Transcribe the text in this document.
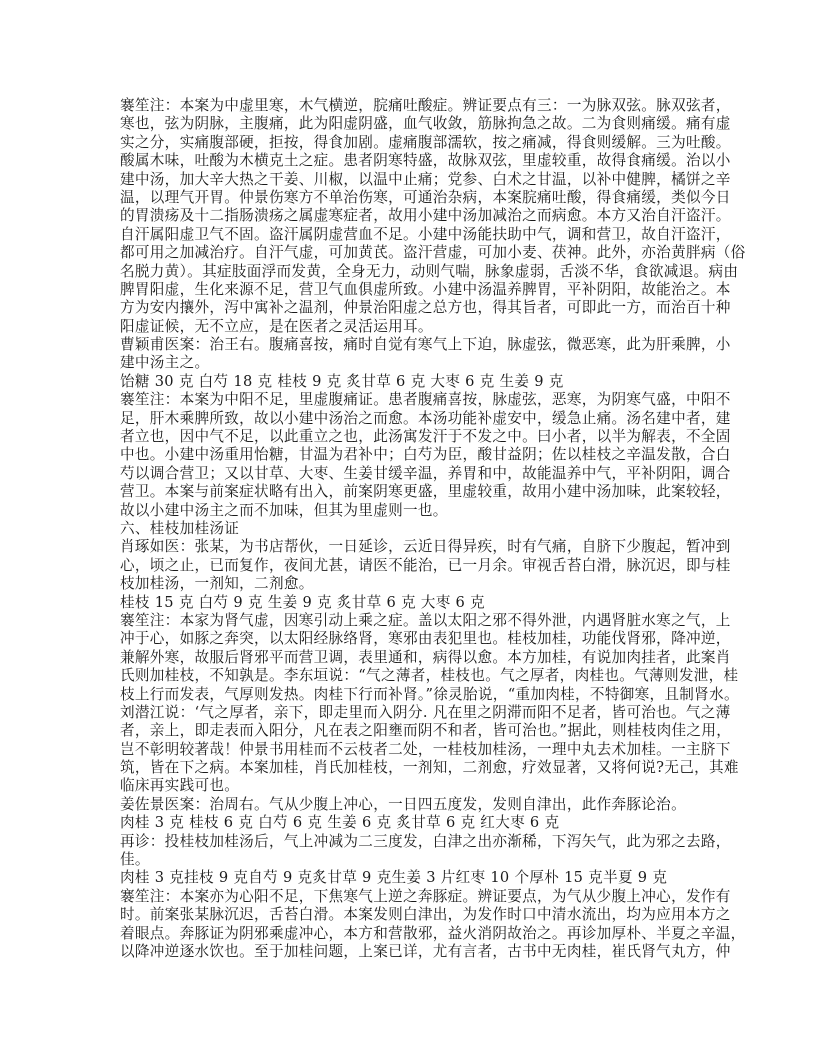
褰笙注：本案为中虚里寒，木气横逆，脘痛吐酸症。辨证要点有三：一为脉双弦。脉双弦者，
寒也，弦为阴脉，主腹痛，此为阳虚阴盛，血气收敛，筋脉拘急之故。二为食则痛缓。痛有虚
实之分，实痛腹部硬，拒按，得食加剧。虚痛腹部濡软，按之痛减，得食则缓解。三为吐酸。
酸属木味，吐酸为木横克土之症。患者阴寒特盛，故脉双弦，里虚较重，故得食痛缓。治以小
建中汤，加大辛大热之干姜、川椒，以温中止痛；党参、白术之甘温，以补中健脾，橘饼之辛
温，以理气开胃。仲景伤寒方不单治伤寒，可通治杂病，本案脘痛吐酸，得食痛缓，类似今日
的胃溃疡及十二指肠溃疡之属虚寒症者，故用小建中汤加减治之而病愈。本方又治自汗盗汗。
自汗属阳虚卫气不固。盗汗属阴虚营血不足。小建中汤能扶助中气，调和营卫，故自汗盗汗，
都可用之加减治疗。自汗气虚，可加黄芪。盗汗营虚，可加小麦、茯神。此外，亦治黄胖病（俗
名脱力黄）。其症肢面浮而发黄，全身无力，动则气喘，脉象虚弱，舌淡不华，食欲减退。病由
脾胃阳虚，生化来源不足，营卫气血俱虚所致。小建中汤温养脾胃，平补阴阳，故能治之。本
方为安内攘外，泻中寓补之温剂，仲景治阳虚之总方也，得其旨者，可即此一方，而治百十种
阳虚证候，无不立应，是在医者之灵活运用耳。
曹颖甫医案：治王右。腹痛喜按，痛时自觉有寒气上下迫，脉虚弦，微恶寒，此为肝乘脾，小
建中汤主之。
饴糖 30 克 白芍 18 克 桂枝 9 克 炙甘草 6 克 大枣 6 克 生姜 9 克
褰笙注：本案为中阳不足，里虚腹痛证。患者腹痛喜按，脉虚弦，恶寒，为阴寒气盛，中阳不
足，肝木乘脾所致，故以小建中汤治之而愈。本汤功能补虚安中，缓急止痛。汤名建中者，建
者立也，因中气不足，以此重立之也，此汤寓发汗于不发之中。曰小者，以半为解表，不全固
中也。小建中汤重用怡糖，甘温为君补中；白芍为臣，酸甘益阴；佐以桂枝之辛温发散，合白
芍以调合营卫；又以甘草、大枣、生姜甘缓辛温，养胃和中，故能温养中气，平补阴阳，调合
营卫。本案与前案症状略有出入，前案阴寒更盛，里虚较重，故用小建中汤加味，此案较轻，
故以小建中汤主之而不加味，但其为里虚则一也。
六、桂枝加桂汤证
肖琢如医：张某，为书店帮伙，一日延诊，云近日得异疾，时有气痛，自脐下少腹起，暂冲到
心，顷之止，已而复作，夜间尤甚，请医不能治，已一月余。审视舌苔白滑，脉沉迟，即与桂
枝加桂汤，一剂知，二剂愈。
桂枝 15 克 白芍 9 克 生姜 9 克 炙甘草 6 克 大枣 6 克
褰笙注：本家为肾气虚，因寒引动上乘之症。盖以太阳之邪不得外泄，内遇肾脏水寒之气，上
冲于心，如豚之奔突，以太阳经脉络肾，寒邪由表犯里也。桂枝加桂，功能伐肾邪，降冲逆，
兼解外寒，故服后肾邪平而营卫调，表里通和，病得以愈。本方加桂，有说加肉挂者，此案肖
氏则加桂枝，不知孰是。李东垣说：“气之薄者，桂枝也。气之厚者，肉桂也。气薄则发泄，桂
枝上行而发表，气厚则发热。肉桂下行而补肾。”徐灵胎说，“重加肉桂，不特御寒，且制肾水。
刘潜江说：‘气之厚者，亲下，即走里而入阴分. 凡在里之阴滞而阳不足者，皆可治也。气之薄
者，亲上，即走表而入阳分，凡在表之阳壅而阴不和者，皆可治也。”据此，则桂枝肉佳之用，
岂不彰明较著哉！仲景书用桂而不云枝者二处，一桂枝加桂汤，一理中丸去术加桂。一主脐下
筑，皆在下之病。本案加桂，肖氏加桂枝，一剂知，二剂愈，疗效显著，又将何说?无己，其难
临床再实践可也。
姜佐景医案：治周右。气从少腹上冲心，一日四五度发，发则自津出，此作奔豚论治。
肉桂 3 克 桂枝 6 克 白芍 6 克 生姜 6 克 炙甘草 6 克 红大枣 6 克
再诊：投桂枝加桂汤后，气上冲减为二三度发，白津之出亦渐稀，下泻矢气，此为邪之去路，
佳。
肉桂 3 克挂枝 9 克自芍 9 克炙甘草 9 克生姜 3 片红枣 10 个厚朴 15 克半夏 9 克
褰笙注：本案亦为心阳不足，下焦寒气上逆之奔豚症。辨证要点，为气从少腹上冲心，发作有
时。前案张某脉沉迟，舌苔白滑。本案发则白津出，为发作时口中清水流出，均为应用本方之
着眼点。奔豚证为阴邪乘虚冲心，本方和营散邪，益火消阴故治之。再诊加厚朴、半夏之辛温，
以降冲逆逐水饮也。至于加桂问题，上案已详，尤有言者，古书中无肉桂，崔氏肾气丸方，仲
